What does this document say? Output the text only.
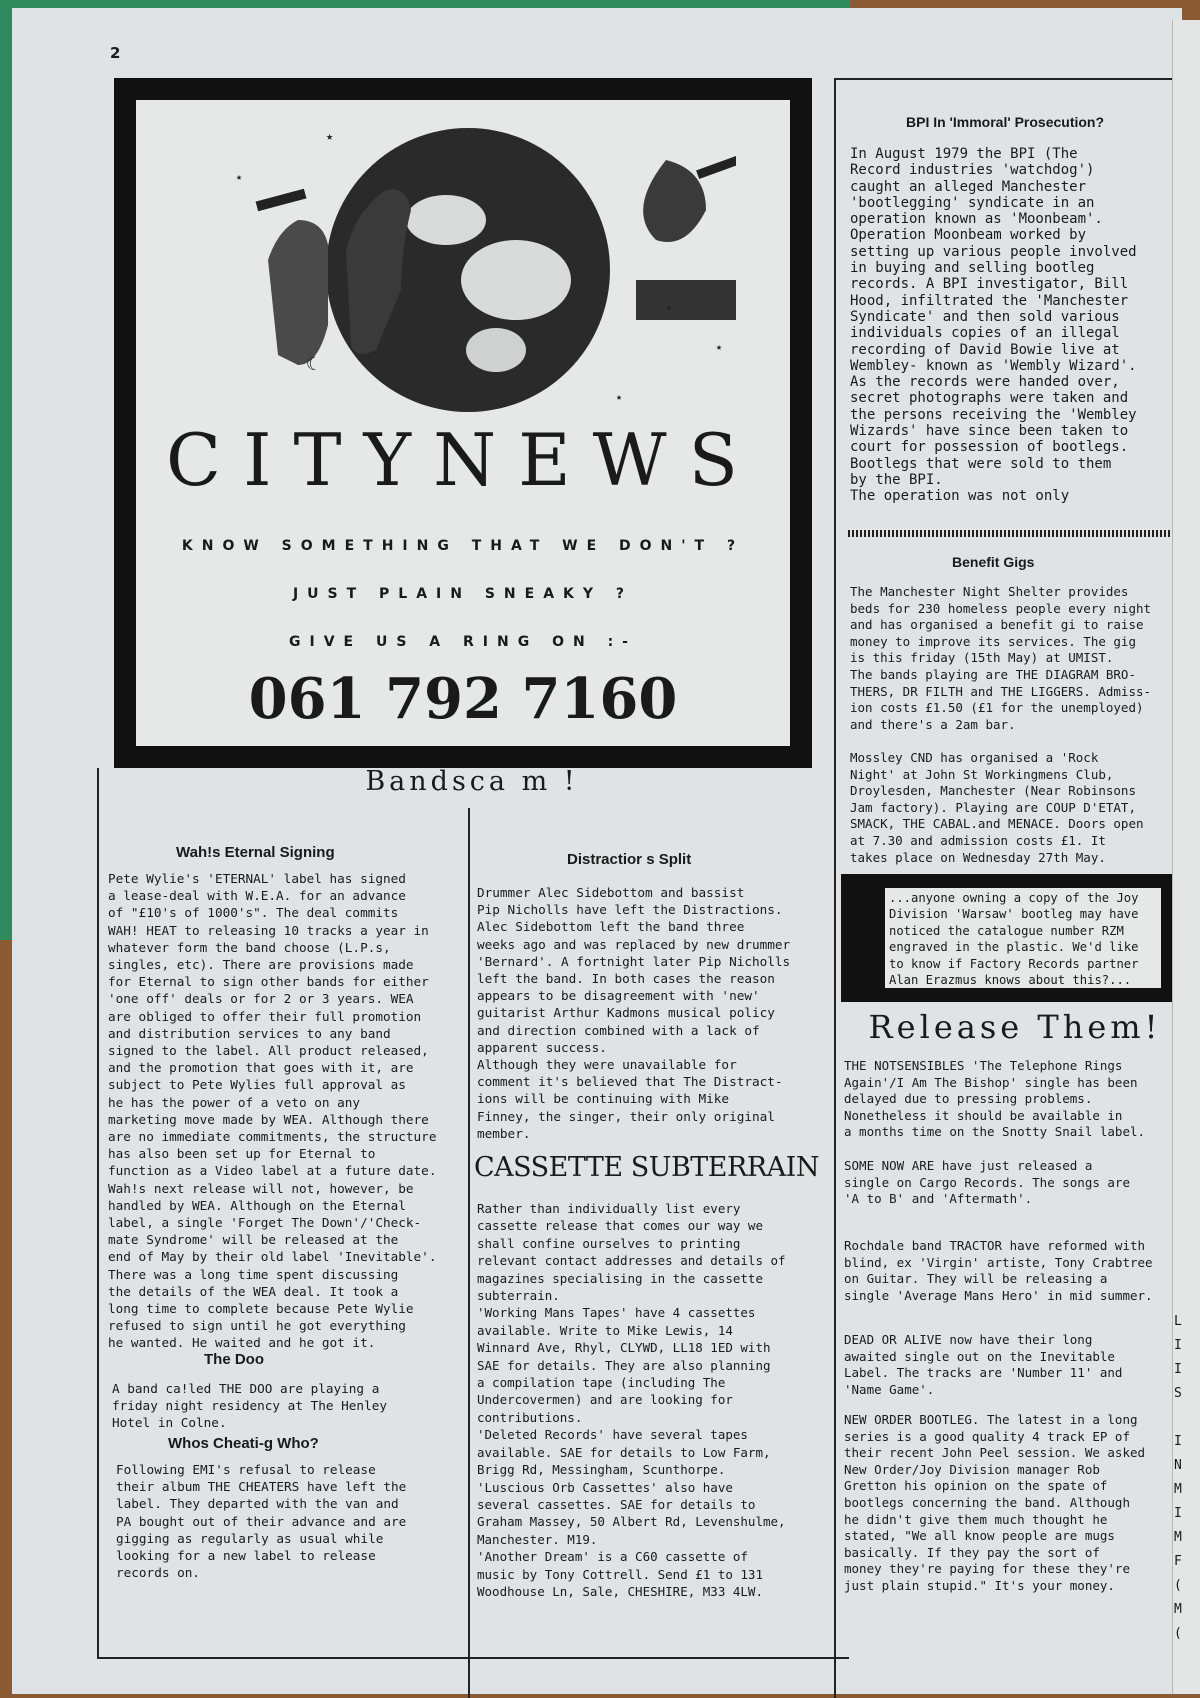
2
☾
★
★
★
★
★
CITYNEWS
KNOW SOMETHING THAT WE DON'T ?
JUST PLAIN SNEAKY ?
GIVE US A RING ON :-
061 792 7160
Bandsca m !
Wah!s Eternal Signing
Pete Wylie's 'ETERNAL' label has signed
a lease-deal with W.E.A. for an advance
of "£10's of 1000's". The deal commits
WAH! HEAT to releasing 10 tracks a year in
whatever form the band choose (L.P.s,
singles, etc). There are provisions made
for Eternal to sign other bands for either
'one off' deals or for 2 or 3 years. WEA
are obliged to offer their full promotion
and distribution services to any band
signed to the label. All product released,
and the promotion that goes with it, are
subject to Pete Wylies full approval as
he has the power of a veto on any
marketing move made by WEA. Although there
are no immediate commitments, the structure
has also been set up for Eternal to
function as a Video label at a future date.
Wah!s next release will not, however, be
handled by WEA. Although on the Eternal
label, a single 'Forget The Down'/'Check-
mate Syndrome' will be released at the
end of May by their old label 'Inevitable'.
There was a long time spent discussing
the details of the WEA deal. It took a
long time to complete because Pete Wylie
refused to sign until he got everything
he wanted. He waited and he got it.
The Doo
A band ca!led THE DOO are playing a
friday night residency at The Henley
Hotel in Colne.
Whos Cheati-g Who?
Following EMI's refusal to release
their album THE CHEATERS have left the
label. They departed with the van and
PA bought out of their advance and are
gigging as regularly as usual while
looking for a new label to release
records on.
Distractior s Split
Drummer Alec Sidebottom and bassist
Pip Nicholls have left the Distractions.
Alec Sidebottom left the band three
weeks ago and was replaced by new drummer
'Bernard'. A fortnight later Pip Nicholls
left the band. In both cases the reason
appears to be disagreement with 'new'
guitarist Arthur Kadmons musical policy
and direction combined with a lack of
apparent success.
Although they were unavailable for
comment it's believed that The Distract-
ions will be continuing with Mike
Finney, the singer, their only original
member.
CASSETTE SUBTERRAIN
Rather than individually list every
cassette release that comes our way we
shall confine ourselves to printing
relevant contact addresses and details of
magazines specialising in the cassette
subterrain.
'Working Mans Tapes' have 4 cassettes
available. Write to Mike Lewis, 14
Winnard Ave, Rhyl, CLYWD, LL18 1ED with
SAE for details. They are also planning
a compilation tape (including The
Undercovermen) and are looking for
contributions.
'Deleted Records' have several tapes
available. SAE for details to Low Farm,
Brigg Rd, Messingham, Scunthorpe.
'Luscious Orb Cassettes' also have
several cassettes. SAE for details to
Graham Massey, 50 Albert Rd, Levenshulme,
Manchester. M19.
'Another Dream' is a C60 cassette of
music by Tony Cottrell. Send £1 to 131
Woodhouse Ln, Sale, CHESHIRE, M33 4LW.
BPI In 'Immoral' Prosecution?
In August 1979 the BPI (The
Record industries 'watchdog')
caught an alleged Manchester
'bootlegging' syndicate in an
operation known as 'Moonbeam'.
Operation Moonbeam worked by
setting up various people involved
in buying and selling bootleg
records. A BPI investigator, Bill
Hood, infiltrated the 'Manchester
Syndicate' and then sold various
individuals copies of an illegal
recording of David Bowie live at
Wembley- known as 'Wembly Wizard'.
As the records were handed over,
secret photographs were taken and
the persons receiving the 'Wembley
Wizards' have since been taken to
court for possession of bootlegs.
Bootlegs that were sold to them
by the BPI.
The operation was not only
Benefit Gigs
The Manchester Night Shelter provides
beds for 230 homeless people every night
and has organised a benefit gi to raise
money to improve its services. The gig
is this friday (15th May) at UMIST.
The bands playing are THE DIAGRAM BRO-
THERS, DR FILTH and THE LIGGERS. Admiss-
ion costs £1.50 (£1 for the unemployed)
and there's a 2am bar.

Mossley CND has organised a 'Rock
Night' at John St Workingmens Club,
Droylesden, Manchester (Near Robinsons
Jam factory). Playing are COUP D'ETAT,
SMACK, THE CABAL.and MENACE. Doors open
at 7.30 and admission costs £1. It
takes place on Wednesday 27th May.
...anyone owning a copy of the Joy
Division 'Warsaw' bootleg may have
noticed the catalogue number RZM
engraved in the plastic. We'd like
to know if Factory Records partner
Alan Erazmus knows about this?...
Release Them!
THE NOTSENSIBLES 'The Telephone Rings
Again'/I Am The Bishop' single has been
delayed due to pressing problems.
Nonetheless it should be available in
a months time on the Snotty Snail label.
SOME NOW ARE have just released a
single on Cargo Records. The songs are
'A to B' and 'Aftermath'.
Rochdale band TRACTOR have reformed with
blind, ex 'Virgin' artiste, Tony Crabtree
on Guitar. They will be releasing a
single 'Average Mans Hero' in mid summer.
DEAD OR ALIVE now have their long
awaited single out on the Inevitable
Label. The tracks are 'Number 11' and
'Name Game'.
NEW ORDER BOOTLEG. The latest in a long
series is a good quality 4 track EP of
their recent John Peel session. We asked
New Order/Joy Division manager Rob
Gretton his opinion on the spate of
bootlegs concerning the band. Although
he didn't give them much thought he
stated, "We all know people are mugs
basically. If they pay the sort of
money they're paying for these they're
just plain stupid." It's your money.
L
I
I
S

I
N
M
I
M
F
(
M
(
